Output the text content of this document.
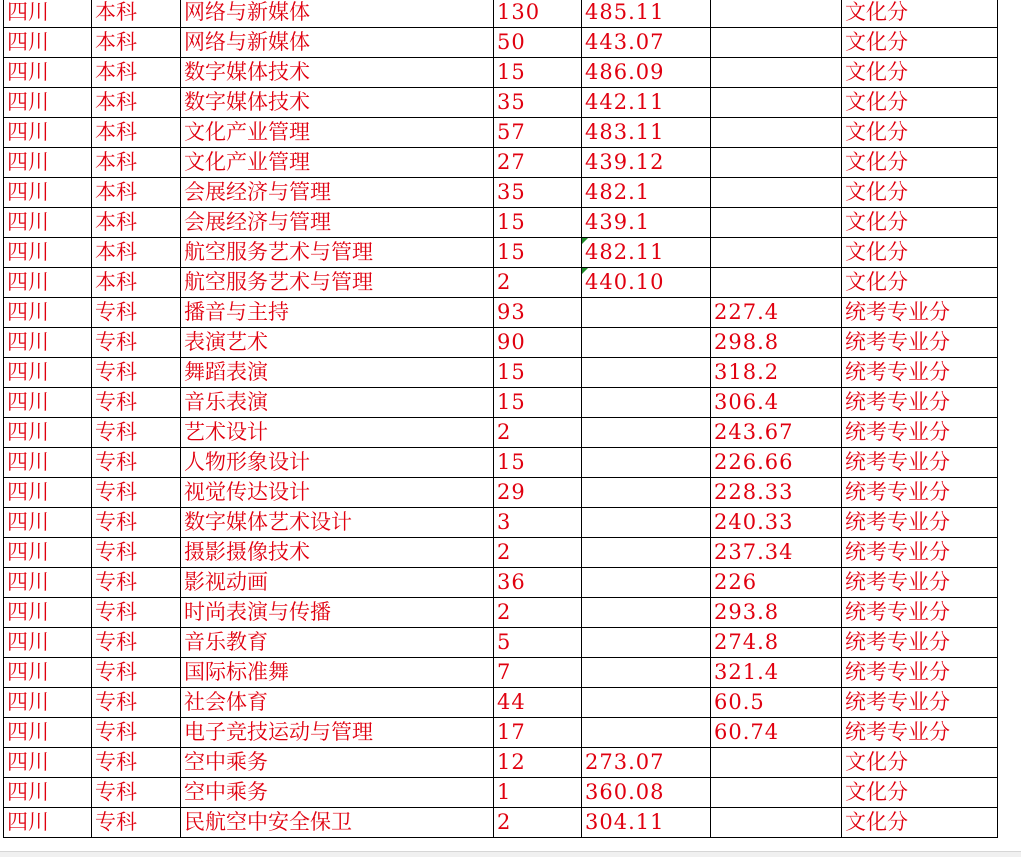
四川	本科	网络与新媒体	130	485.11		文化分
四川	本科	网络与新媒体	50	443.07		文化分
四川	本科	数字媒体技术	15	486.09		文化分
四川	本科	数字媒体技术	35	442.11		文化分
四川	本科	文化产业管理	57	483.11		文化分
四川	本科	文化产业管理	27	439.12		文化分
四川	本科	会展经济与管理	35	482.1		文化分
四川	本科	会展经济与管理	15	439.1		文化分
四川	本科	航空服务艺术与管理	15	482.11		文化分
四川	本科	航空服务艺术与管理	2	440.10		文化分
四川	专科	播音与主持	93		227.4	统考专业分
四川	专科	表演艺术	90		298.8	统考专业分
四川	专科	舞蹈表演	15		318.2	统考专业分
四川	专科	音乐表演	15		306.4	统考专业分
四川	专科	艺术设计	2		243.67	统考专业分
四川	专科	人物形象设计	15		226.66	统考专业分
四川	专科	视觉传达设计	29		228.33	统考专业分
四川	专科	数字媒体艺术设计	3		240.33	统考专业分
四川	专科	摄影摄像技术	2		237.34	统考专业分
四川	专科	影视动画	36		226	统考专业分
四川	专科	时尚表演与传播	2		293.8	统考专业分
四川	专科	音乐教育	5		274.8	统考专业分
四川	专科	国际标准舞	7		321.4	统考专业分
四川	专科	社会体育	44		60.5	统考专业分
四川	专科	电子竞技运动与管理	17		60.74	统考专业分
四川	专科	空中乘务	12	273.07		文化分
四川	专科	空中乘务	1	360.08		文化分
四川	专科	民航空中安全保卫	2	304.11		文化分
